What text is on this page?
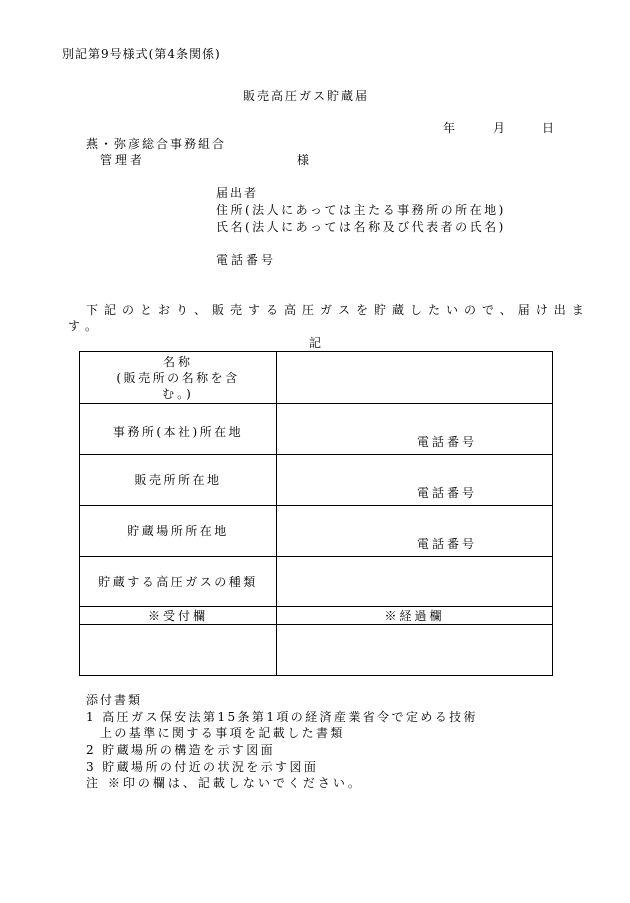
別記第9号様式(第4条関係)
販売高圧ガス貯蔵届
年	月	日
燕・弥彦総合事務組合
管理者	様
届出者
住所(法人にあっては主たる事務所の所在地)
氏名(法人にあっては名称及び代表者の氏名)
電話番号
下記のとおり、販売する高圧ガスを貯蔵したいので、届け出ま
す。
記
名称
(販売所の名称を含
む。)	

事務所(本社)所在地	電話番号

販売所所在地	電話番号

貯蔵場所所在地	電話番号

貯蔵する高圧ガスの種類	
※受付欄	※経過欄

添付書類
1 高圧ガス保安法第15条第1項の経済産業省令で定める技術
上の基準に関する事項を記載した書類
2 貯蔵場所の構造を示す図面
3 貯蔵場所の付近の状況を示す図面
注 ※印の欄は、記載しないでください。
